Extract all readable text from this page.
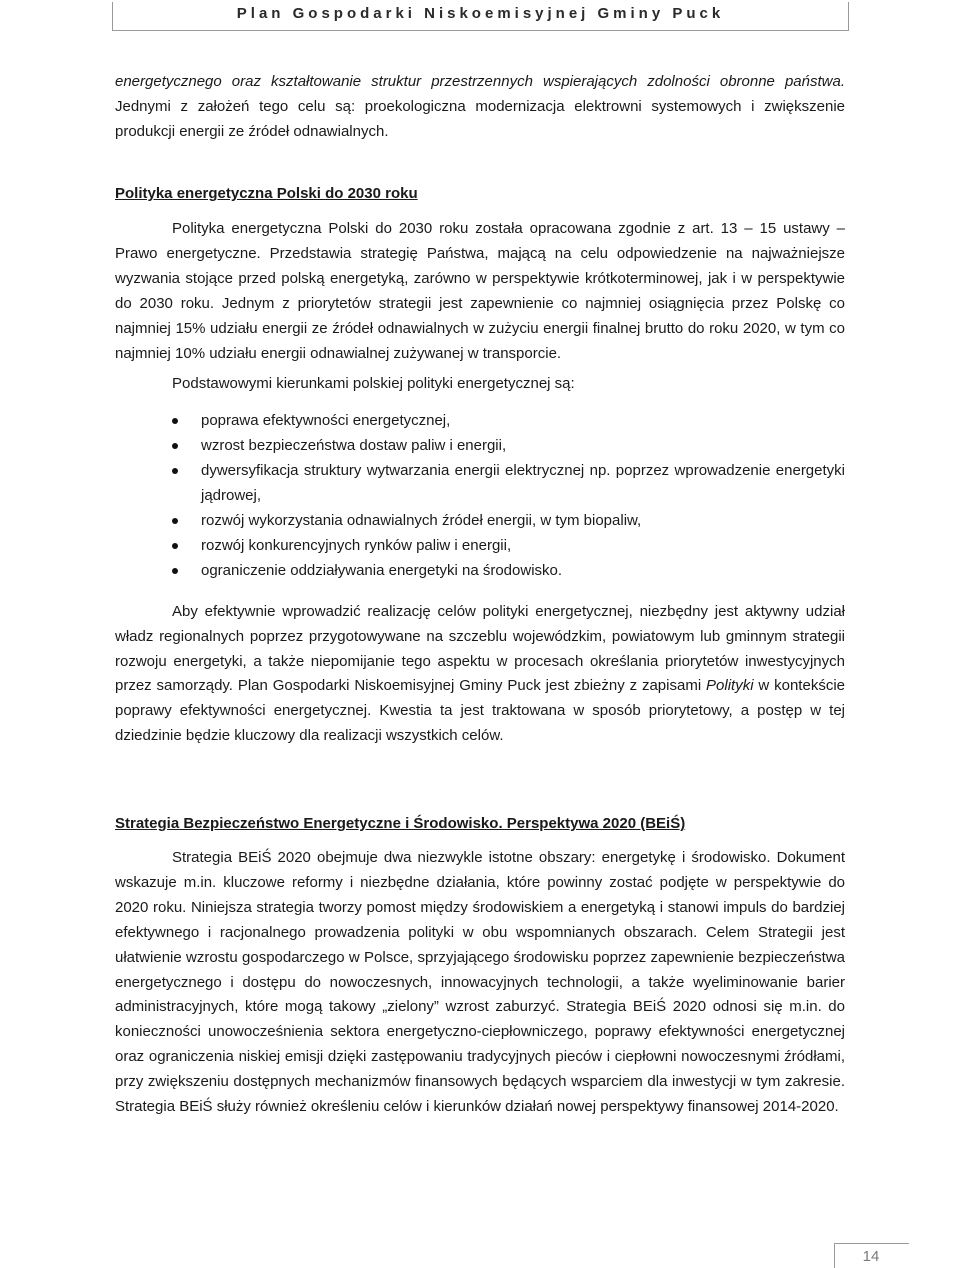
Plan Gospodarki Niskoemisyjnej Gminy Puck

energetycznego oraz kształtowanie struktur przestrzennych wspierających zdolności obronne państwa. Jednymi z założeń tego celu są: proekologiczna modernizacja elektrowni systemowych i zwiększenie produkcji energii ze źródeł odnawialnych.

Polityka energetyczna Polski do 2030 roku

Polityka energetyczna Polski do 2030 roku została opracowana zgodnie z art. 13 – 15 ustawy – Prawo energetyczne. Przedstawia strategię Państwa, mającą na celu odpowiedzenie na najważniejsze wyzwania stojące przed polską energetyką, zarówno w perspektywie krótkoterminowej, jak i w perspektywie do 2030 roku. Jednym z priorytetów strategii jest zapewnienie co najmniej osiągnięcia przez Polskę co najmniej 15% udziału energii ze źródeł odnawialnych w zużyciu energii finalnej brutto do roku 2020, w tym co najmniej 10% udziału energii odnawialnej zużywanej w transporcie.

Podstawowymi kierunkami polskiej polityki energetycznej są:

poprawa efektywności energetycznej,
wzrost bezpieczeństwa dostaw paliw i energii,
dywersyfikacja struktury wytwarzania energii elektrycznej np. poprzez wprowadzenie energetyki jądrowej,
rozwój wykorzystania odnawialnych źródeł energii, w tym biopaliw,
rozwój konkurencyjnych rynków paliw i energii,
ograniczenie oddziaływania energetyki na środowisko.

Aby efektywnie wprowadzić realizację celów polityki energetycznej, niezbędny jest aktywny udział władz regionalnych poprzez przygotowywane na szczeblu wojewódzkim, powiatowym lub gminnym strategii rozwoju energetyki, a także niepomijanie tego aspektu w procesach określania priorytetów inwestycyjnych przez samorządy. Plan Gospodarki Niskoemisyjnej Gminy Puck jest zbieżny z zapisami Polityki w kontekście poprawy efektywności energetycznej. Kwestia ta jest traktowana w sposób priorytetowy, a postęp w tej dziedzinie będzie kluczowy dla realizacji wszystkich celów.

Strategia Bezpieczeństwo Energetyczne i Środowisko. Perspektywa 2020 (BEiŚ)

Strategia BEiŚ 2020 obejmuje dwa niezwykle istotne obszary: energetykę i środowisko. Dokument wskazuje m.in. kluczowe reformy i niezbędne działania, które powinny zostać podjęte w perspektywie do 2020 roku. Niniejsza strategia tworzy pomost między środowiskiem a energetyką i stanowi impuls do bardziej efektywnego i racjonalnego prowadzenia polityki w obu wspomnianych obszarach. Celem Strategii jest ułatwienie wzrostu gospodarczego w Polsce, sprzyjającego środowisku poprzez zapewnienie bezpieczeństwa energetycznego i dostępu do nowoczesnych, innowacyjnych technologii, a także wyeliminowanie barier administracyjnych, które mogą takowy „zielony” wzrost zaburzyć. Strategia BEiŚ 2020 odnosi się m.in. do konieczności unowocześnienia sektora energetyczno-ciepłowniczego, poprawy efektywności energetycznej oraz ograniczenia niskiej emisji dzięki zastępowaniu tradycyjnych pieców i ciepłowni nowoczesnymi źródłami, przy zwiększeniu dostępnych mechanizmów finansowych będących wsparciem dla inwestycji w tym zakresie. Strategia BEiŚ służy również określeniu celów i kierunków działań nowej perspektywy finansowej 2014-2020.

14
